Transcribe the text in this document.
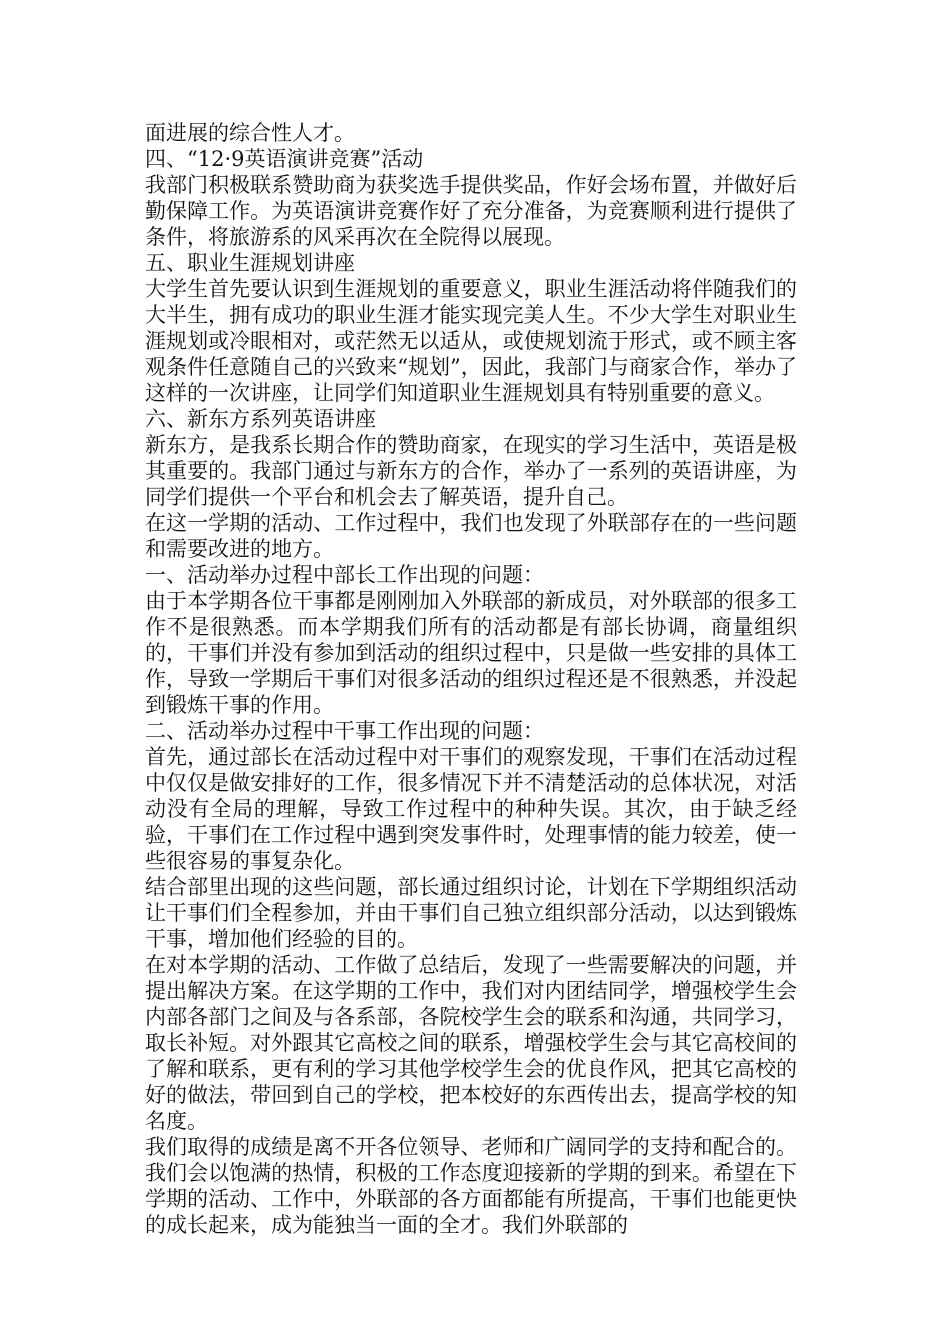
面进展的综合性人才。

四、“12·9英语演讲竞赛”活动

我部门积极联系赞助商为获奖选手提供奖品，作好会场布置，并做好后勤保障工作。为英语演讲竞赛作好了充分准备，为竞赛顺利进行提供了条件，将旅游系的风采再次在全院得以展现。

五、职业生涯规划讲座

大学生首先要认识到生涯规划的重要意义，职业生涯活动将伴随我们的大半生，拥有成功的职业生涯才能实现完美人生。不少大学生对职业生涯规划或冷眼相对，或茫然无以适从，或使规划流于形式，或不顾主客观条件任意随自己的兴致来“规划”，因此，我部门与商家合作，举办了这样的一次讲座，让同学们知道职业生涯规划具有特别重要的意义。

六、新东方系列英语讲座

新东方，是我系长期合作的赞助商家，在现实的学习生活中，英语是极其重要的。我部门通过与新东方的合作，举办了一系列的英语讲座，为同学们提供一个平台和机会去了解英语，提升自己。

在这一学期的活动、工作过程中，我们也发现了外联部存在的一些问题和需要改进的地方。

一、活动举办过程中部长工作出现的问题：

由于本学期各位干事都是刚刚加入外联部的新成员，对外联部的很多工作不是很熟悉。而本学期我们所有的活动都是有部长协调，商量组织的，干事们并没有参加到活动的组织过程中，只是做一些安排的具体工作，导致一学期后干事们对很多活动的组织过程还是不很熟悉，并没起到锻炼干事的作用。

二、活动举办过程中干事工作出现的问题：

首先，通过部长在活动过程中对干事们的观察发现，干事们在活动过程中仅仅是做安排好的工作，很多情况下并不清楚活动的总体状况，对活动没有全局的理解，导致工作过程中的种种失误。其次，由于缺乏经验，干事们在工作过程中遇到突发事件时，处理事情的能力较差，使一些很容易的事复杂化。

结合部里出现的这些问题，部长通过组织讨论，计划在下学期组织活动让干事们们全程参加，并由干事们自己独立组织部分活动，以达到锻炼干事，增加他们经验的目的。

在对本学期的活动、工作做了总结后，发现了一些需要解决的问题，并提出解决方案。在这学期的工作中，我们对内团结同学，增强校学生会内部各部门之间及与各系部，各院校学生会的联系和沟通，共同学习，取长补短。对外跟其它高校之间的联系，增强校学生会与其它高校间的了解和联系，更有利的学习其他学校学生会的优良作风，把其它高校的好的做法，带回到自己的学校，把本校好的东西传出去，提高学校的知名度。

我们取得的成绩是离不开各位领导、老师和广阔同学的支持和配合的。我们会以饱满的热情，积极的工作态度迎接新的学期的到来。希望在下学期的活动、工作中，外联部的各方面都能有所提高，干事们也能更快的成长起来，成为能独当一面的全才。我们外联部的
